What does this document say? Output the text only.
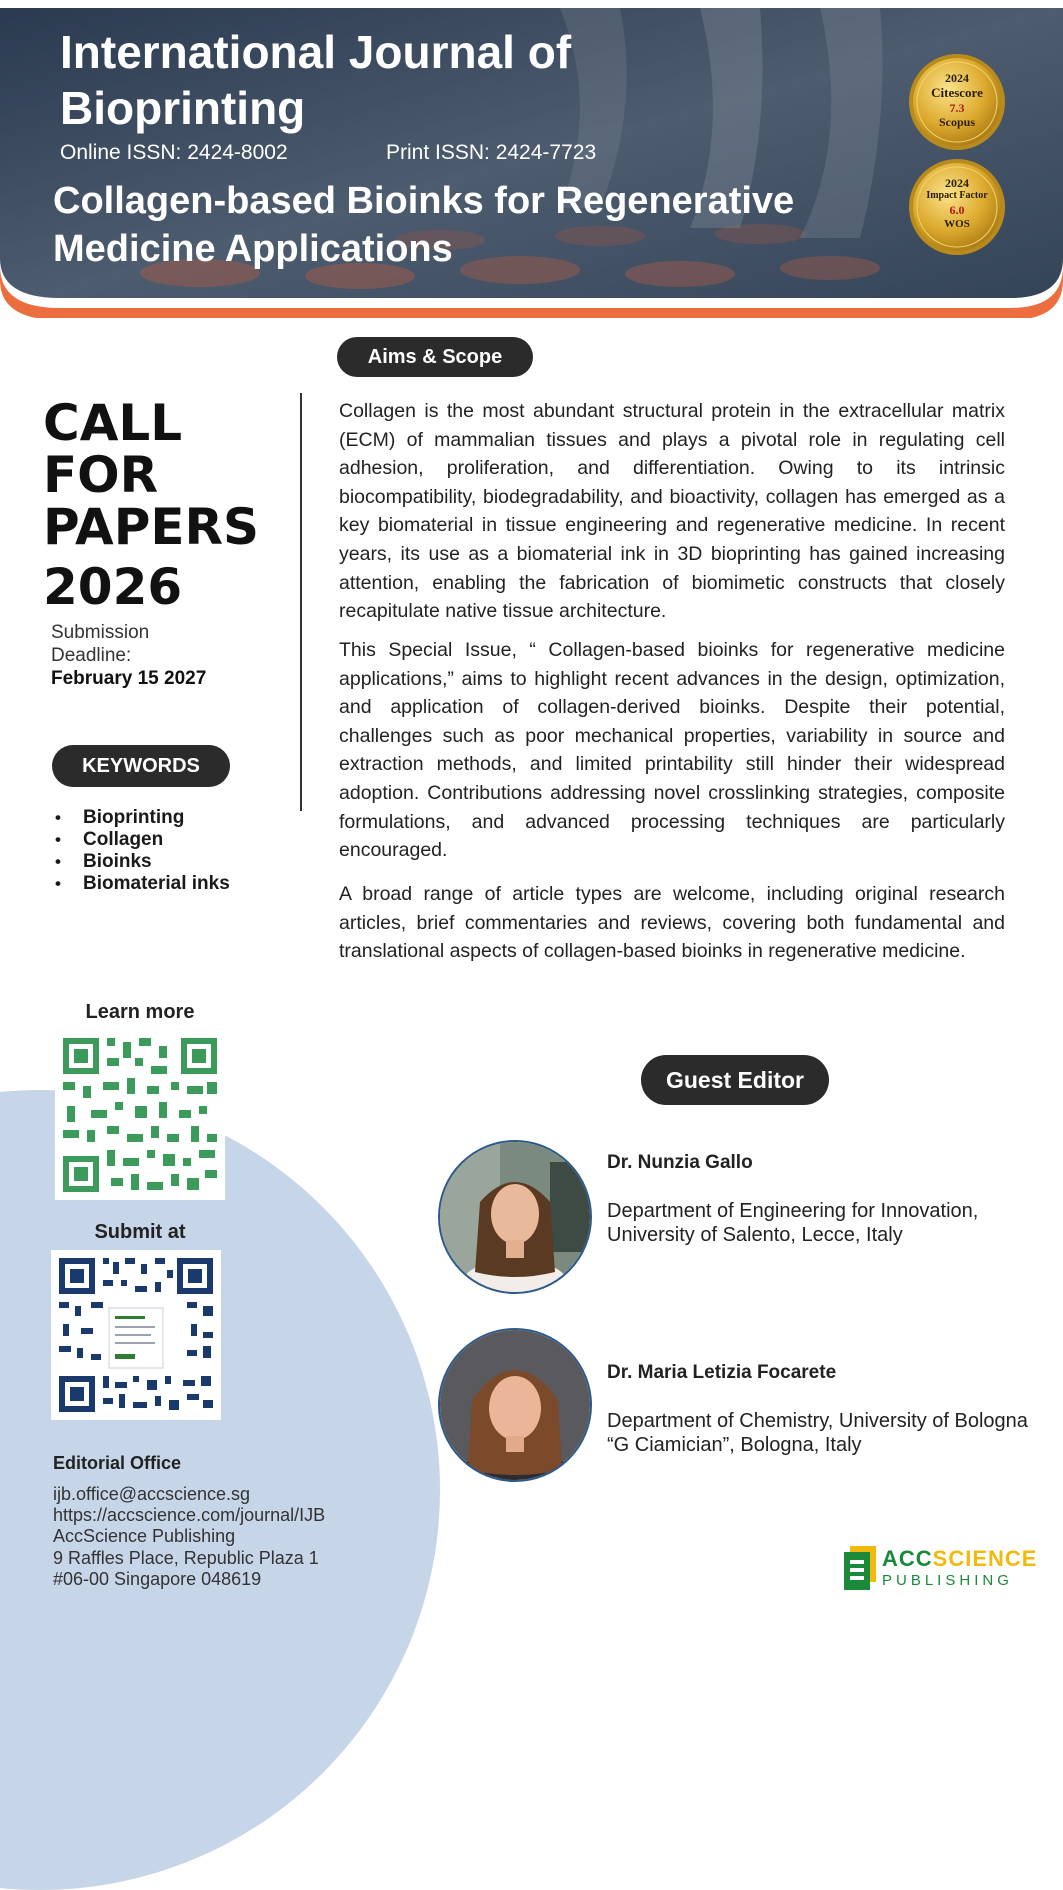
International Journal of Bioprinting
Online ISSN: 2424-8002	Print ISSN: 2424-7723
Collagen-based Bioinks for Regenerative Medicine Applications
2024
Citescore
7.3
Scopus
2024
Impact Factor
6.0
WOS
Aims & Scope
CALL
FOR
PAPERS
2026
Submission
Deadline:
February 15 2027
KEYWORDS
• Bioprinting
• Collagen
• Bioinks
• Biomaterial inks

Collagen is the most abundant structural protein in the extracellular matrix (ECM) of mammalian tissues and plays a pivotal role in regulating cell adhesion, proliferation, and differentiation. Owing to its intrinsic biocompatibility, biodegradability, and bioactivity, collagen has emerged as a key biomaterial in tissue engineering and regenerative medicine. In recent years, its use as a biomaterial ink in 3D bioprinting has gained increasing attention, enabling the fabrication of biomimetic constructs that closely recapitulate native tissue architecture.

This Special Issue, “ Collagen-based bioinks for regenerative medicine applications,” aims to highlight recent advances in the design, optimization, and application of collagen-derived bioinks. Despite their potential, challenges such as poor mechanical properties, variability in source and extraction methods, and limited printability still hinder their widespread adoption. Contributions addressing novel crosslinking strategies, composite formulations, and advanced processing techniques are particularly encouraged.

A broad range of article types are welcome, including original research articles, brief commentaries and reviews, covering both fundamental and translational aspects of collagen-based bioinks in regenerative medicine.

Learn more
Submit at
Editorial Office
ijb.office@accscience.sg
https://accscience.com/journal/IJB
AccScience Publishing
9 Raffles Place, Republic Plaza 1
#06-00 Singapore 048619
Guest Editor
Dr. Nunzia Gallo
Department of Engineering for Innovation,
University of Salento, Lecce, Italy
Dr. Maria Letizia Focarete
Department of Chemistry, University of Bologna
“G Ciamician”, Bologna, Italy
ACCSCIENCE
PUBLISHING
